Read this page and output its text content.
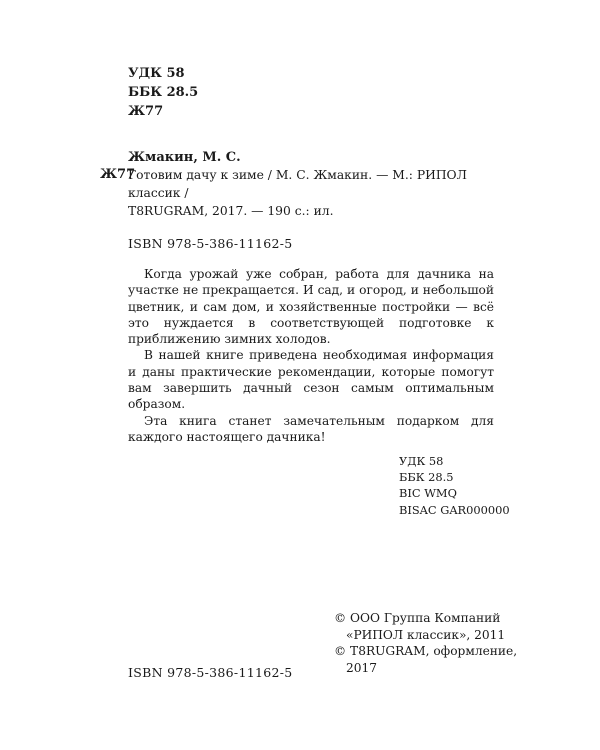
УДК 58
ББК 28.5
Ж77
Жмакин, М. С.
Ж77
Готовим дачу к зиме / М. С. Жмакин. — М.: РИПОЛ классик /
T8RUGRAM, 2017. — 190 с.: ил.
ISBN 978-5-386-11162-5

Когда урожай уже собран, работа для дачника на участке не прекращается. И сад, и огород, и небольшой цветник, и сам дом, и хозяйственные постройки — всё это нуждается в соответствующей подготовке к приближению зимних холодов.

В нашей книге приведена необходимая информация и даны практические рекомендации, которые помогут вам завершить дачный сезон самым оптимальным образом.

Эта книга станет замечательным подарком для каждого настоящего дачника!

УДК 58
ББК 28.5
BIC WMQ
BISAC GAR000000
© ООО Группа Компаний
«РИПОЛ классик», 2011
© T8RUGRAM, оформление,
2017
ISBN 978-5-386-11162-5
